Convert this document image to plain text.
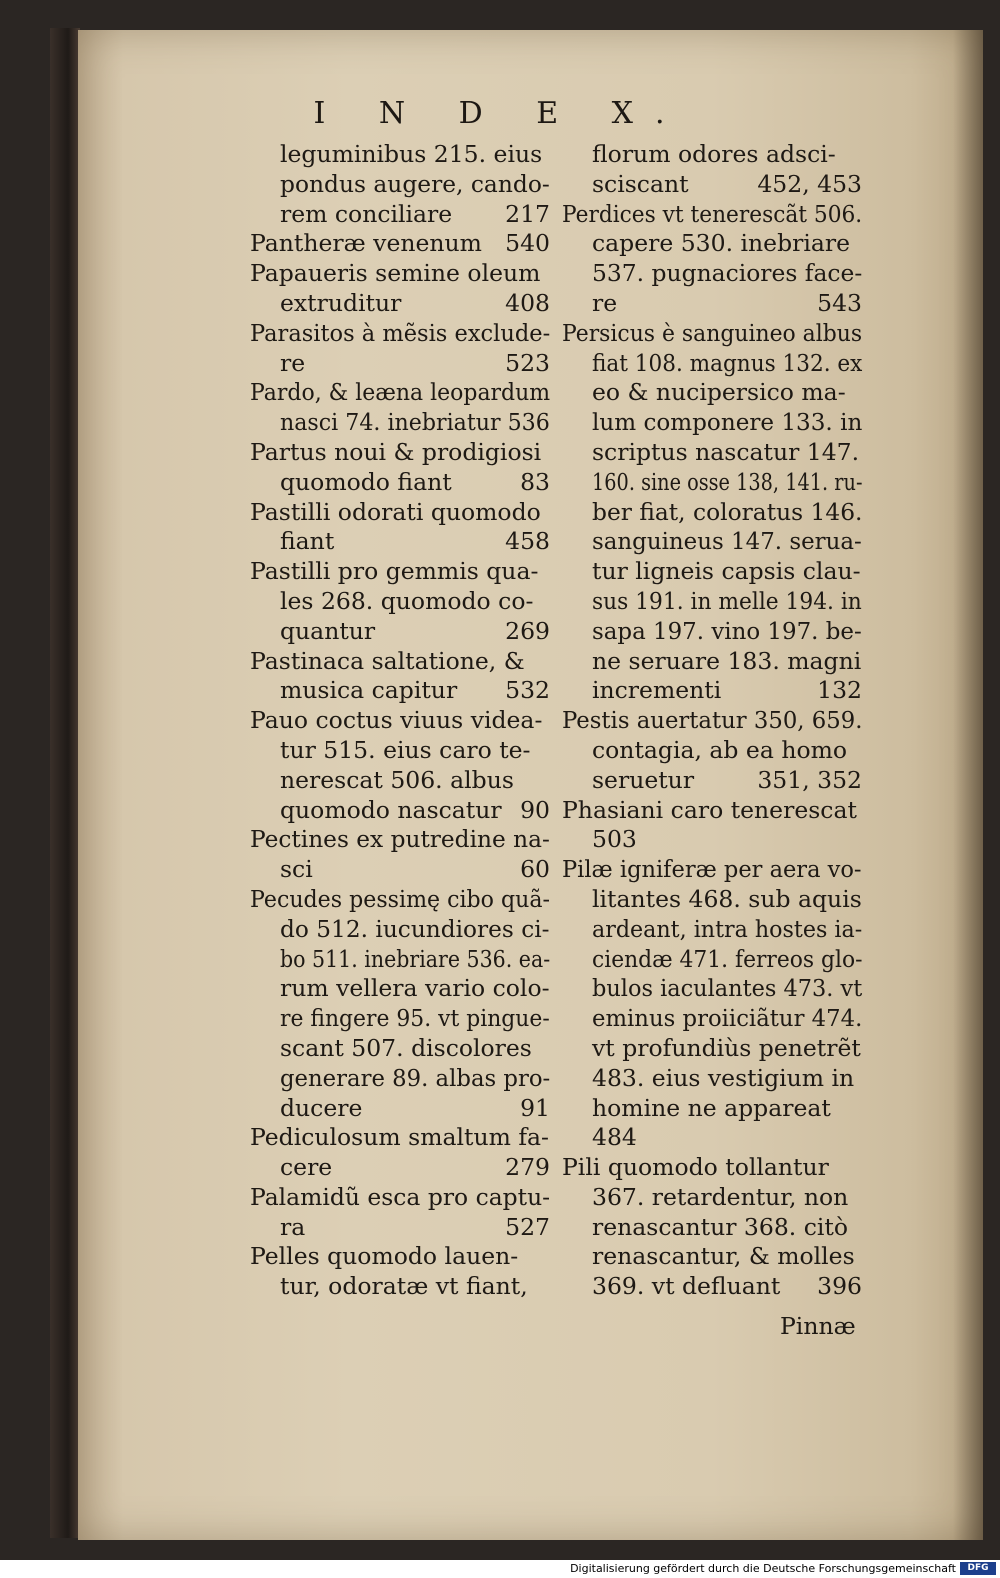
I N D E X.
leguminibus 215. eius
pondus augere, cando-
rem conciliare 217
Pantheræ venenum 540
Papaueris semine oleum
extruditur	408
Parasitos à mẽsis exclude-
re	523
Pardo, & leæna leopardum
nasci 74. inebriatur 536
Partus noui & prodigiosi
quomodo fiant	83
Pastilli odorati quomodo
fiant	458
Pastilli pro gemmis qua-
les 268. quomodo co-
quantur	269
Pastinaca saltatione, &
musica capitur 532
Pauo coctus viuus videa-
tur 515. eius caro te-
nerescat 506. albus
quomodo nascatur 90
Pectines ex putredine na-
sci	60
Pecudes pessimę cibo quã-
do 512. iucundiores ci-
bo 511. inebriare 536. ea-
rum vellera vario colo-
re fingere 95. vt pingue-
scant 507. discolores
generare 89. albas pro-
ducere	91
Pediculosum smaltum fa-
cere	279
Palamidũ esca pro captu-
ra	527
Pelles quomodo lauen-
tur, odoratæ vt fiant,
florum odores adsci-
sciscant	452, 453
Perdices vt tenerescãt 506.
capere 530. inebriare
537. pugnaciores face-
re	543
Persicus è sanguineo albus
fiat 108. magnus 132. ex
eo & nucipersico ma-
lum componere 133. in
scriptus nascatur 147.
160. sine osse 138, 141. ru-
ber fiat, coloratus 146.
sanguineus 147. serua-
tur ligneis capsis clau-
sus 191. in melle 194. in
sapa 197. vino 197. be-
ne seruare 183. magni
incrementi	132
Pestis auertatur 350, 659.
contagia, ab ea homo
seruetur	351, 352
Phasiani caro tenerescat
503
Pilæ igniferæ per aera vo-
litantes 468. sub aquis
ardeant, intra hostes ia-
ciendæ 471. ferreos glo-
bulos iaculantes 473. vt
eminus proiiciãtur 474.
vt profundiùs penetrẽt
483. eius vestigium in
homine ne appareat
484
Pili quomodo tollantur
367. retardentur, non
renascantur 368. citò
renascantur, & molles
369. vt defluant 396
Pinnæ
Digitalisierung gefördert durch die Deutsche Forschungsgemeinschaft	DFG
